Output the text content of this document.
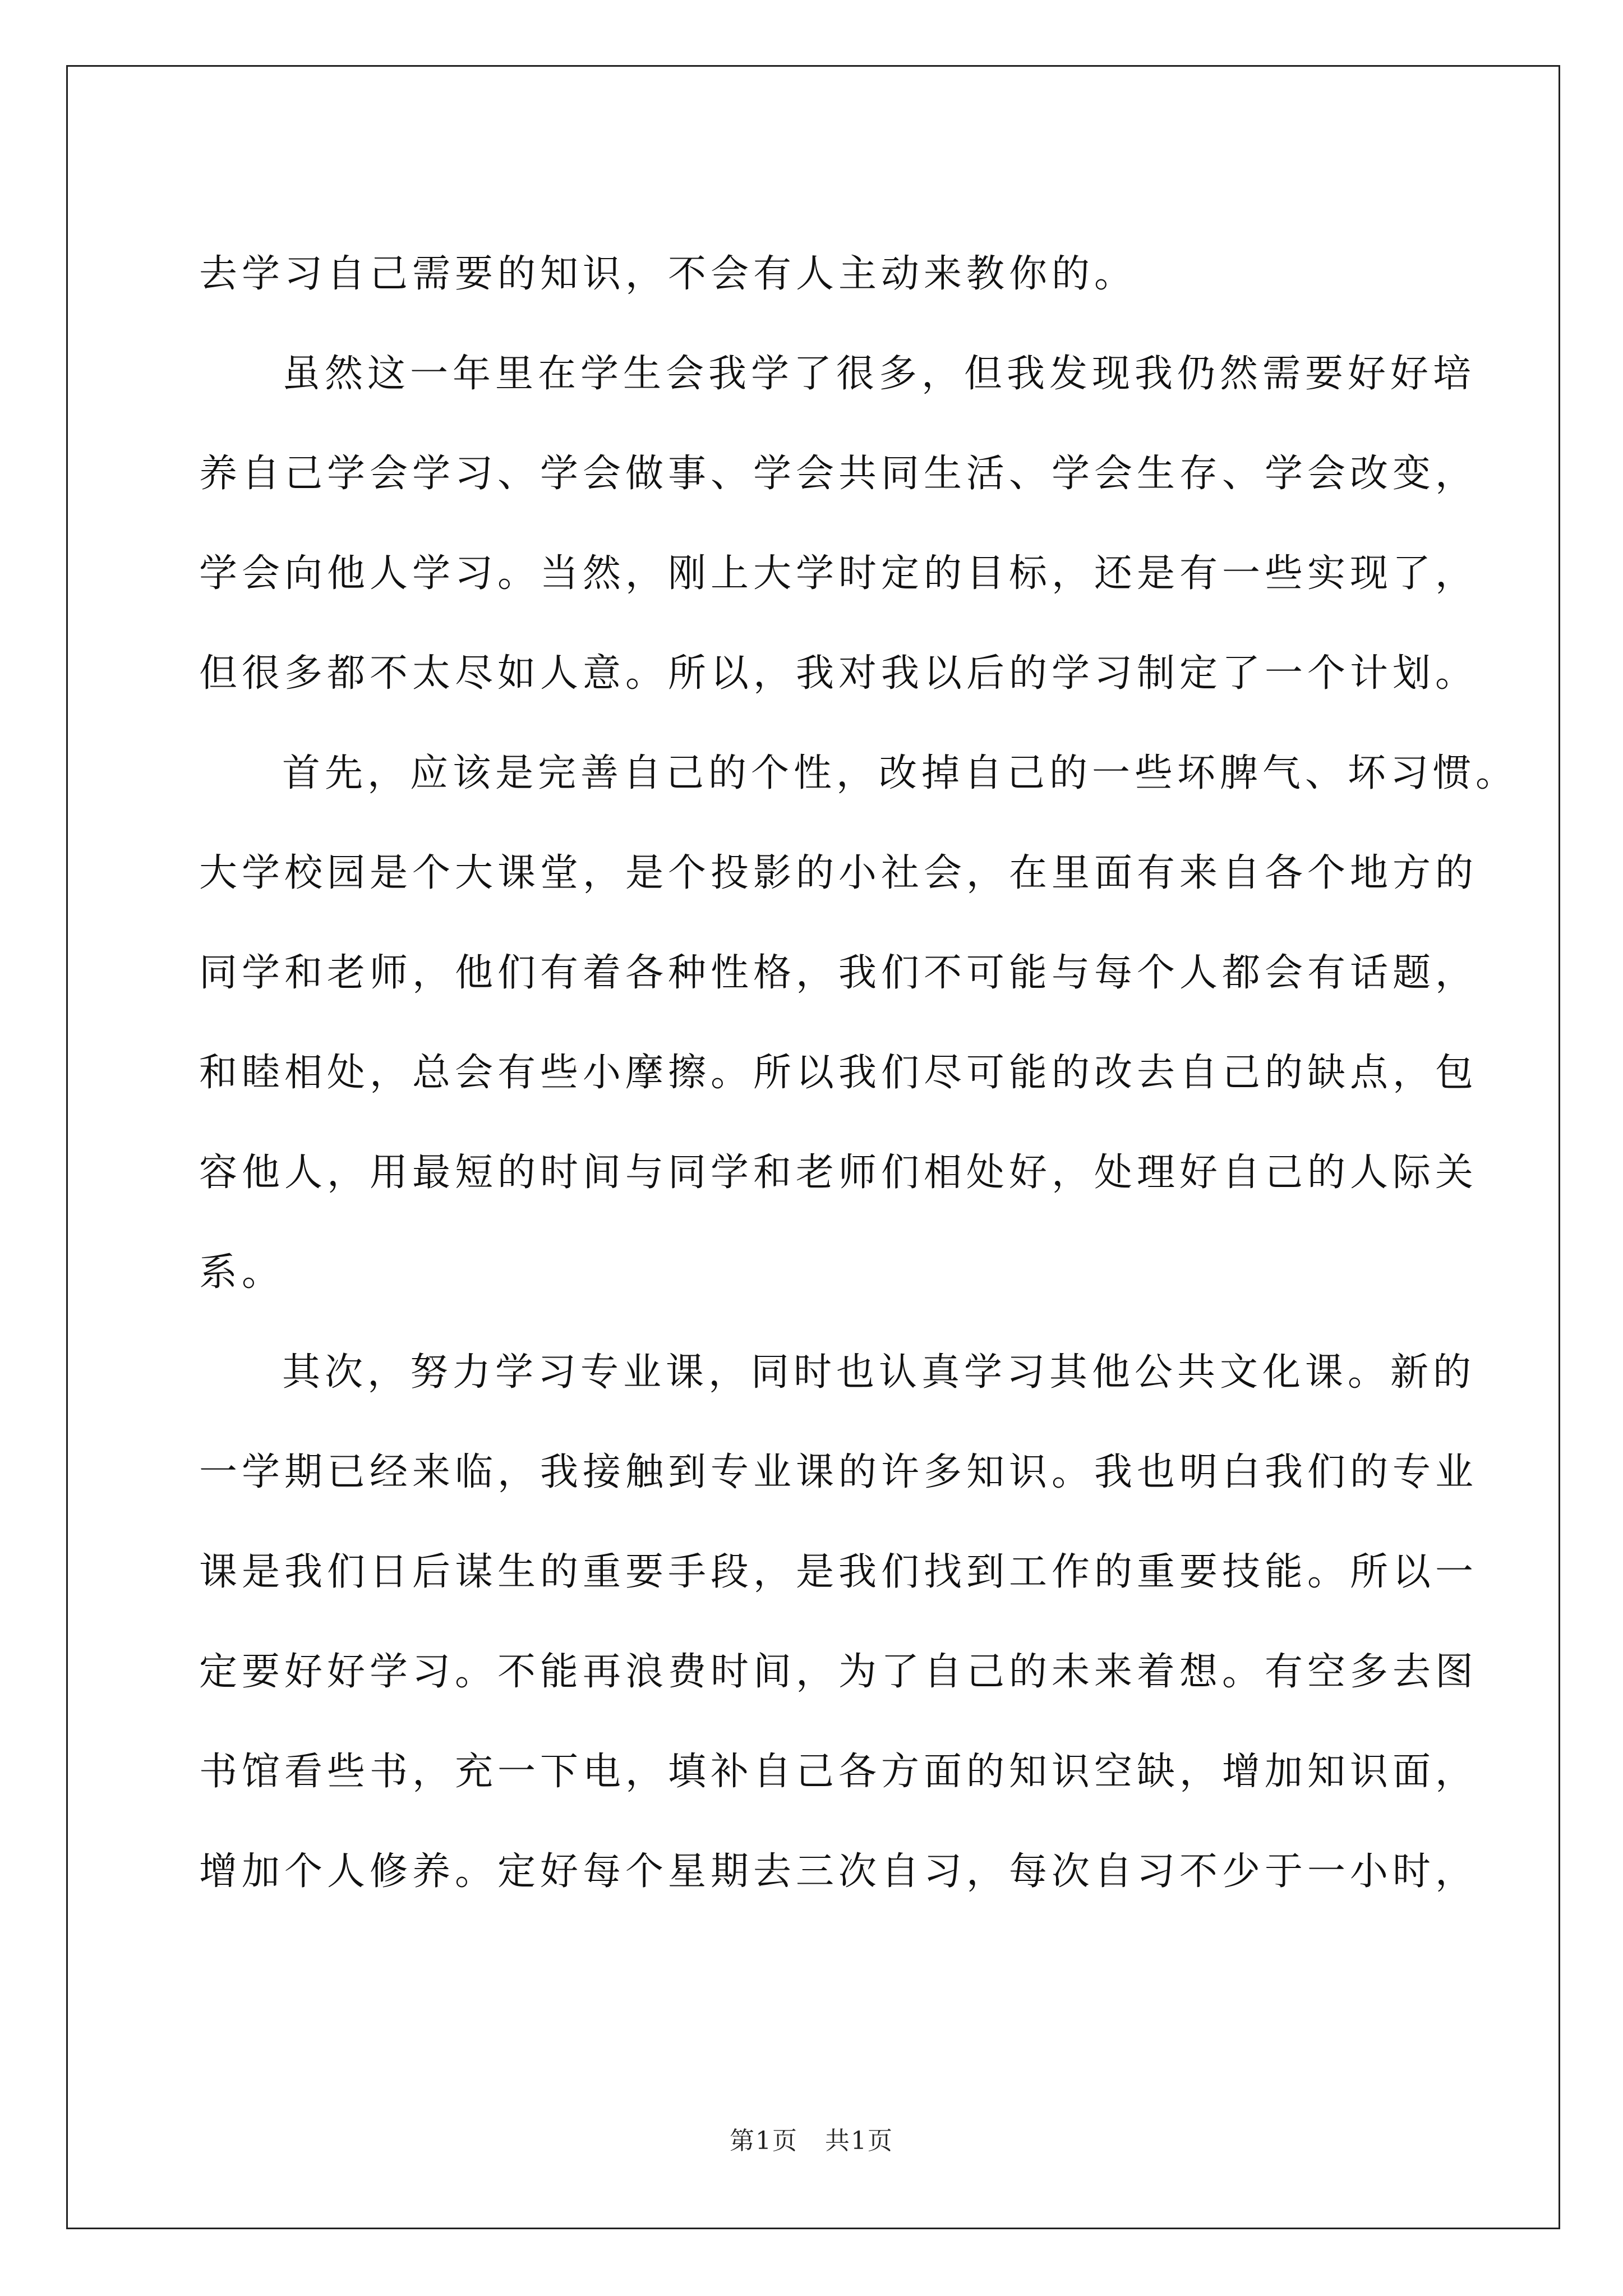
去学习自己需要的知识，不会有人主动来教你的。
虽然这一年里在学生会我学了很多，但我发现我仍然需要好好培
养自己学会学习、学会做事、学会共同生活、学会生存、学会改变，
学会向他人学习。当然，刚上大学时定的目标，还是有一些实现了，
但很多都不太尽如人意。所以，我对我以后的学习制定了一个计划。
首先，应该是完善自己的个性，改掉自己的一些坏脾气、坏习惯。
大学校园是个大课堂，是个投影的小社会，在里面有来自各个地方的
同学和老师，他们有着各种性格，我们不可能与每个人都会有话题，
和睦相处，总会有些小摩擦。所以我们尽可能的改去自己的缺点，包
容他人，用最短的时间与同学和老师们相处好，处理好自己的人际关
系。
其次，努力学习专业课，同时也认真学习其他公共文化课。新的
一学期已经来临，我接触到专业课的许多知识。我也明白我们的专业
课是我们日后谋生的重要手段，是我们找到工作的重要技能。所以一
定要好好学习。不能再浪费时间，为了自己的未来着想。有空多去图
书馆看些书，充一下电，填补自己各方面的知识空缺，增加知识面，
增加个人修养。定好每个星期去三次自习，每次自习不少于一小时，
第1页 共1页
